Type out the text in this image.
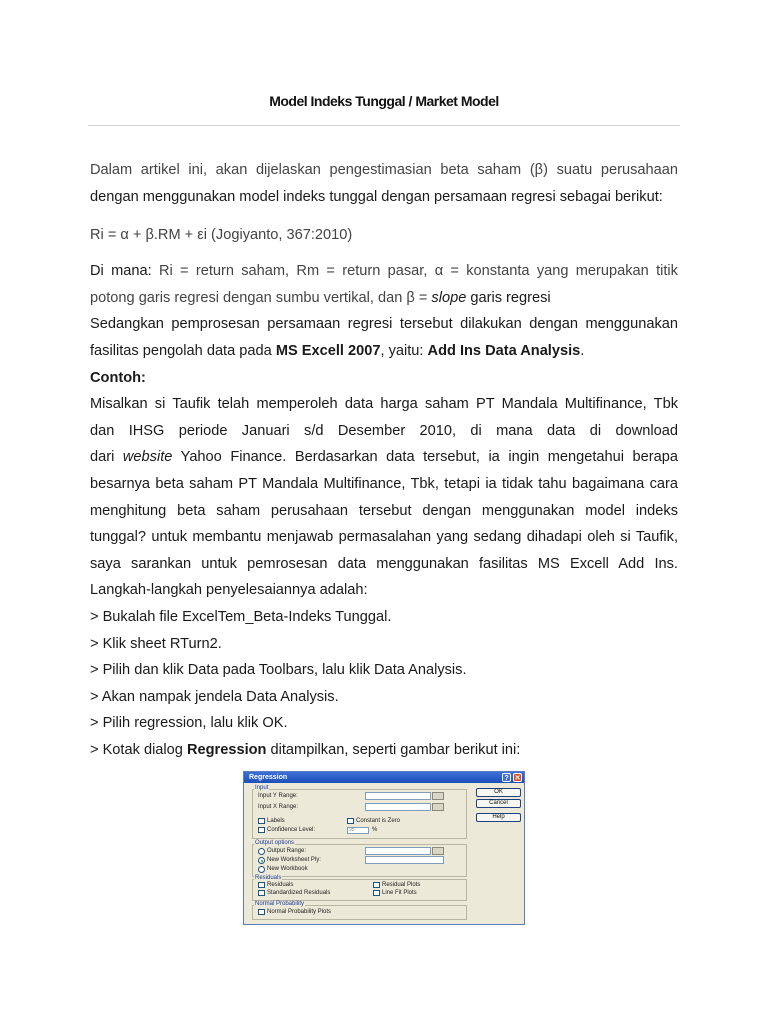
Model Indeks Tunggal / Market Model
Dalam artikel ini, akan dijelaskan pengestimasian beta saham (β) suatu perusahaan
dengan menggunakan model indeks tunggal dengan persamaan regresi sebagai berikut:
Ri = α + β.RM + εi (Jogiyanto, 367:2010)
Di mana: Ri = return saham, Rm = return pasar, α = konstanta yang merupakan titik
potong garis regresi dengan sumbu vertikal, dan β = slope garis regresi
Sedangkan pemprosesan persamaan regresi tersebut dilakukan dengan menggunakan
fasilitas pengolah data pada MS Excell 2007, yaitu: Add Ins Data Analysis.
Contoh:
Misalkan si Taufik telah memperoleh data harga saham PT Mandala Multifinance, Tbk
dan IHSG periode Januari s/d Desember 2010, di mana data di download
dari website Yahoo Finance. Berdasarkan data tersebut, ia ingin mengetahui berapa
besarnya beta saham PT Mandala Multifinance, Tbk, tetapi ia tidak tahu bagaimana cara
menghitung beta saham perusahaan tersebut dengan menggunakan model indeks
tunggal? untuk membantu menjawab permasalahan yang sedang dihadapi oleh si Taufik,
saya sarankan untuk pemrosesan data menggunakan fasilitas MS Excell Add Ins.
Langkah-langkah penyelesaiannya adalah:
> Bukalah file ExcelTem_Beta-Indeks Tunggal.
> Klik sheet RTurn2.
> Pilih dan klik Data pada Toolbars, lalu klik Data Analysis.
> Akan nampak jendela Data Analysis.
> Pilih regression, lalu klik OK.
> Kotak dialog Regression ditampilkan, seperti gambar berikut ini:
Regression	? ✕
Input
Input Y Range:
Input X Range:
Labels	Constant is Zero
Confidence Level:	95	%
OK
Cancel
Help
Output options
Output Range:
New Worksheet Ply:
New Workbook
Residuals
Residuals
Standardized Residuals
Residual Plots
Line Fit Plots
Normal Probability
Normal Probability Plots
